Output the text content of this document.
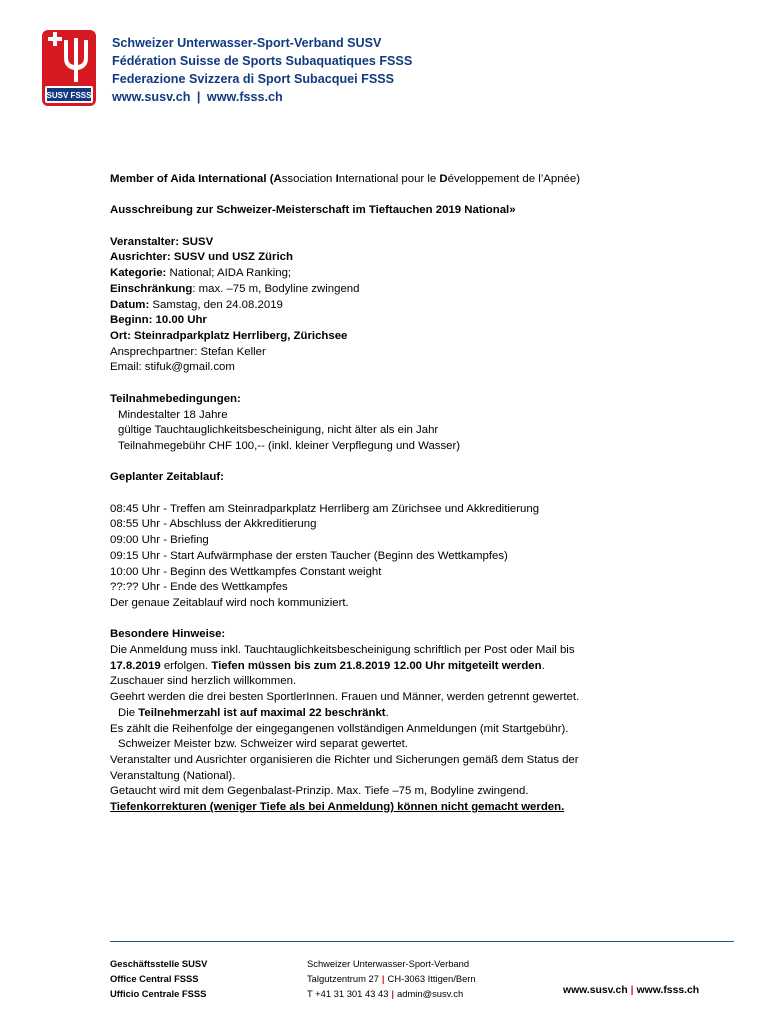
SUSV FSSS
Schweizer Unterwasser-Sport-Verband SUSV
Fédération Suisse de Sports Subaquatiques FSSS
Federazione Svizzera di Sport Subacquei FSSS
www.susv.ch | www.fsss.ch

Member of Aida International (Association International pour le Développement de l’Apnée)

Ausschreibung zur Schweizer-Meisterschaft im Tieftauchen 2019 National»

Veranstalter: SUSV

Ausrichter: SUSV und USZ Zürich

Kategorie: National; AIDA Ranking;

Einschränkung: max. –75 m, Bodyline zwingend

Datum: Samstag, den 24.08.2019

Beginn: 10.00 Uhr

Ort: Steinradparkplatz Herrliberg, Zürichsee

Ansprechpartner: Stefan Keller

Email: stifuk@gmail.com

Teilnahmebedingungen:

Mindestalter 18 Jahre

gültige Tauchtauglichkeitsbescheinigung, nicht älter als ein Jahr

Teilnahmegebühr CHF 100,-- (inkl. kleiner Verpflegung und Wasser)

Geplanter Zeitablauf:

08:45 Uhr - Treffen am Steinradparkplatz Herrliberg am Zürichsee und Akkreditierung

08:55 Uhr - Abschluss der Akkreditierung

09:00 Uhr - Briefing

09:15 Uhr - Start Aufwärmphase der ersten Taucher (Beginn des Wettkampfes)

10:00 Uhr - Beginn des Wettkampfes Constant weight

??:?? Uhr - Ende des Wettkampfes

Der genaue Zeitablauf wird noch kommuniziert.

Besondere Hinweise:

Die Anmeldung muss inkl. Tauchtauglichkeitsbescheinigung schriftlich per Post oder Mail bis

17.8.2019 erfolgen. Tiefen müssen bis zum 21.8.2019 12.00 Uhr mitgeteilt werden.

Zuschauer sind herzlich willkommen.

Geehrt werden die drei besten SportlerInnen. Frauen und Männer, werden getrennt gewertet.

Die Teilnehmerzahl ist auf maximal 22 beschränkt.

Es zählt die Reihenfolge der eingegangenen vollständigen Anmeldungen (mit Startgebühr).

Schweizer Meister bzw. Schweizer wird separat gewertet.

Veranstalter und Ausrichter organisieren die Richter und Sicherungen gemäß dem Status der

Veranstaltung (National).

Getaucht wird mit dem Gegenbalast-Prinzip. Max. Tiefe –75 m, Bodyline zwingend.

Tiefenkorrekturen (weniger Tiefe als bei Anmeldung) können nicht gemacht werden.

Geschäftsstelle SUSV
Office Central FSSS
Ufficio Centrale FSSS
Schweizer Unterwasser-Sport-Verband
Talgutzentrum 27 | CH-3063 Ittigen/Bern
T +41 31 301 43 43 | admin@susv.ch	www.susv.ch | www.fsss.ch
